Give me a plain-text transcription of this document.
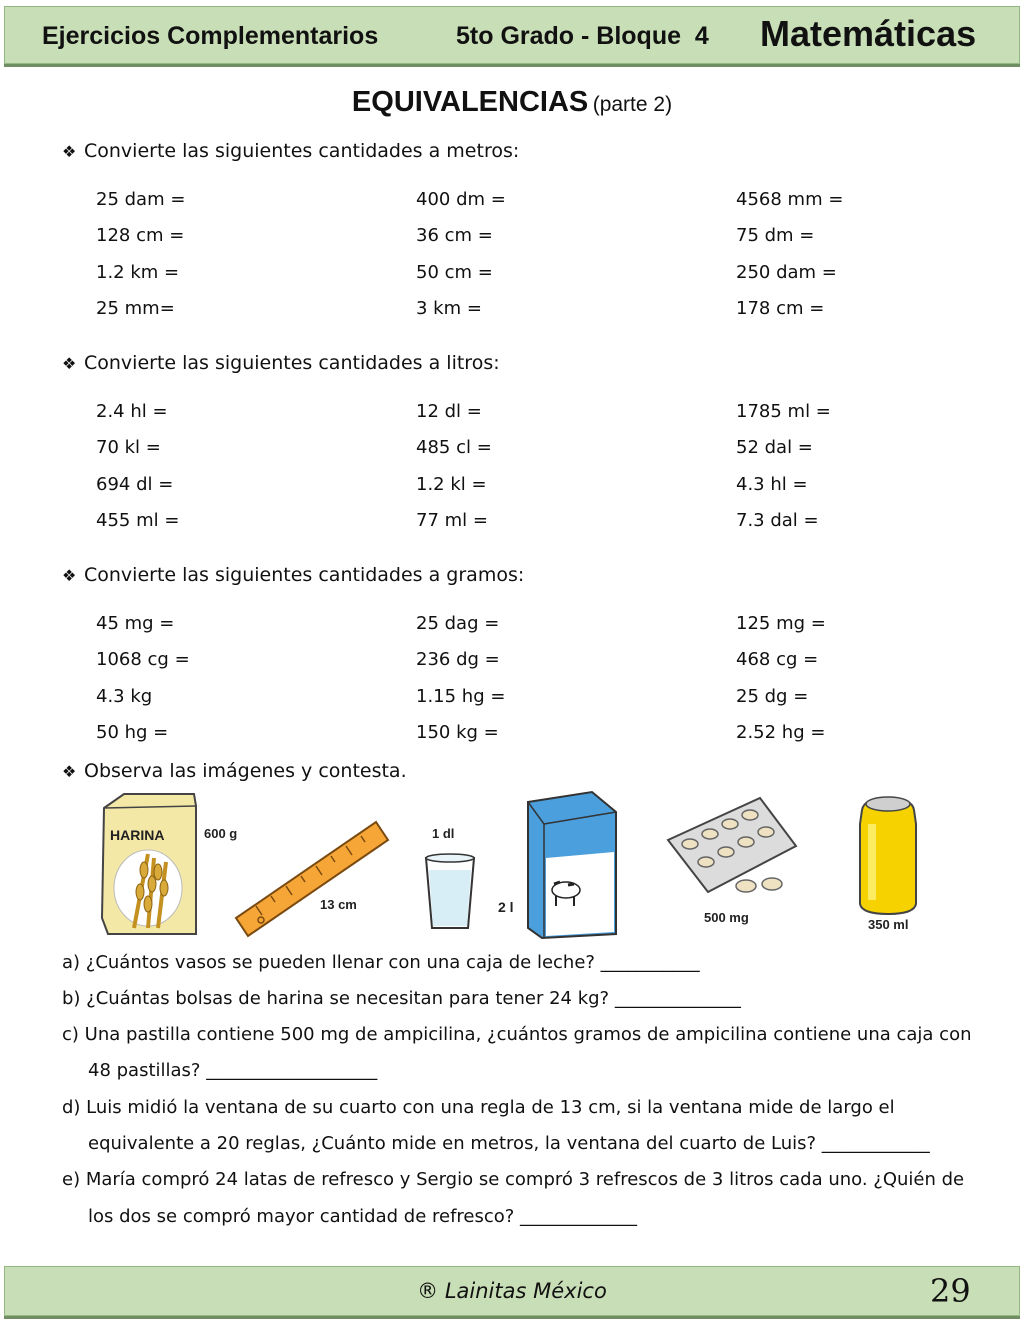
Ejercicios Complementarios	5to Grado - Bloque  4 Matemáticas
EQUIVALENCIAS (parte 2)
❖ Convierte las siguientes cantidades a metros:
25 dam =	400 dm =	4568 mm =
128 cm =	36 cm =	75 dm =
1.2 km =	50 cm =	250 dam =
25 mm=	3 km =	178 cm =
❖ Convierte las siguientes cantidades a litros:
2.4 hl =	12 dl =	1785 ml =
70 kl =	485 cl =	52 dal =
694 dl =	1.2 kl =	4.3 hl =
455 ml =	77 ml =	7.3 dal =
❖ Convierte las siguientes cantidades a gramos:
45 mg =	25 dag =	125 mg =
1068 cg =	236 dg =	468 cg =
4.3 kg	1.15 hg =	25 dg =
50 hg =	150 kg =	2.52 hg =
❖ Observa las imágenes y contesta.
HARINA	600 g
13 cm
1 dl
2 l
500 mg	350 ml
a) ¿Cuántos vasos se pueden llenar con una caja de leche? ___________
b) ¿Cuántas bolsas de harina se necesitan para tener 24 kg? ______________
c) Una pastilla contiene 500 mg de ampicilina, ¿cuántos gramos de ampicilina contiene una caja con
48 pastillas? ___________________
d) Luis midió la ventana de su cuarto con una regla de 13 cm, si la ventana mide de largo el
equivalente a 20 reglas, ¿Cuánto mide en metros, la ventana del cuarto de Luis? ____________
e) María compró 24 latas de refresco y Sergio se compró 3 refrescos de 3 litros cada uno. ¿Quién de
los dos se compró mayor cantidad de refresco? _____________
® Lainitas México	29
